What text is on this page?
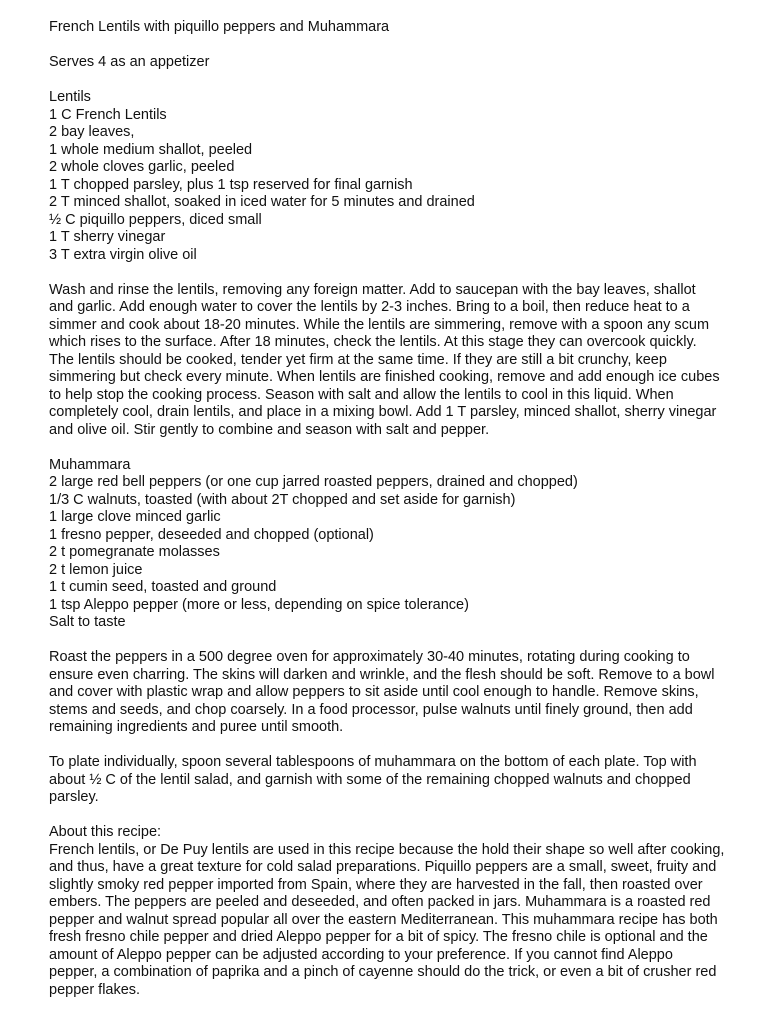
French Lentils with piquillo peppers and Muhammara
Serves 4 as an appetizer
Lentils
1 C French Lentils
2 bay leaves,
1 whole medium shallot, peeled
2 whole cloves garlic, peeled
1 T chopped parsley, plus 1 tsp reserved for final garnish
2 T minced shallot, soaked in iced water for 5 minutes and drained
½ C piquillo peppers, diced small
1 T sherry vinegar
3 T extra virgin olive oil
Wash and rinse the lentils, removing any foreign matter. Add to saucepan with the bay leaves, shallot
and garlic. Add enough water to cover the lentils by 2-3 inches. Bring to a boil, then reduce heat to a
simmer and cook about 18-20 minutes. While the lentils are simmering, remove with a spoon any scum
which rises to the surface. After 18 minutes, check the lentils. At this stage they can overcook quickly.
The lentils should be cooked, tender yet firm at the same time. If they are still a bit crunchy, keep
simmering but check every minute. When lentils are finished cooking, remove and add enough ice cubes
to help stop the cooking process. Season with salt and allow the lentils to cool in this liquid. When
completely cool, drain lentils, and place in a mixing bowl. Add 1 T parsley, minced shallot, sherry vinegar
and olive oil. Stir gently to combine and season with salt and pepper.
Muhammara
2 large red bell peppers (or one cup jarred roasted peppers, drained and chopped)
1/3 C walnuts, toasted (with about 2T chopped and set aside for garnish)
1 large clove minced garlic
1 fresno pepper, deseeded and chopped (optional)
2 t pomegranate molasses
2 t lemon juice
1 t cumin seed, toasted and ground
1 tsp Aleppo pepper (more or less, depending on spice tolerance)
Salt to taste
Roast the peppers in a 500 degree oven for approximately 30-40 minutes, rotating during cooking to
ensure even charring. The skins will darken and wrinkle, and the flesh should be soft. Remove to a bowl
and cover with plastic wrap and allow peppers to sit aside until cool enough to handle. Remove skins,
stems and seeds, and chop coarsely. In a food processor, pulse walnuts until finely ground, then add
remaining ingredients and puree until smooth.
To plate individually, spoon several tablespoons of muhammara on the bottom of each plate. Top with
about ½ C of the lentil salad, and garnish with some of the remaining chopped walnuts and chopped
parsley.
About this recipe:
French lentils, or De Puy lentils are used in this recipe because the hold their shape so well after cooking,
and thus, have a great texture for cold salad preparations. Piquillo peppers are a small, sweet, fruity and
slightly smoky red pepper imported from Spain, where they are harvested in the fall, then roasted over
embers. The peppers are peeled and deseeded, and often packed in jars. Muhammara is a roasted red
pepper and walnut spread popular all over the eastern Mediterranean. This muhammara recipe has both
fresh fresno chile pepper and dried Aleppo pepper for a bit of spicy. The fresno chile is optional and the
amount of Aleppo pepper can be adjusted according to your preference. If you cannot find Aleppo
pepper, a combination of paprika and a pinch of cayenne should do the trick, or even a bit of crusher red
pepper flakes.
